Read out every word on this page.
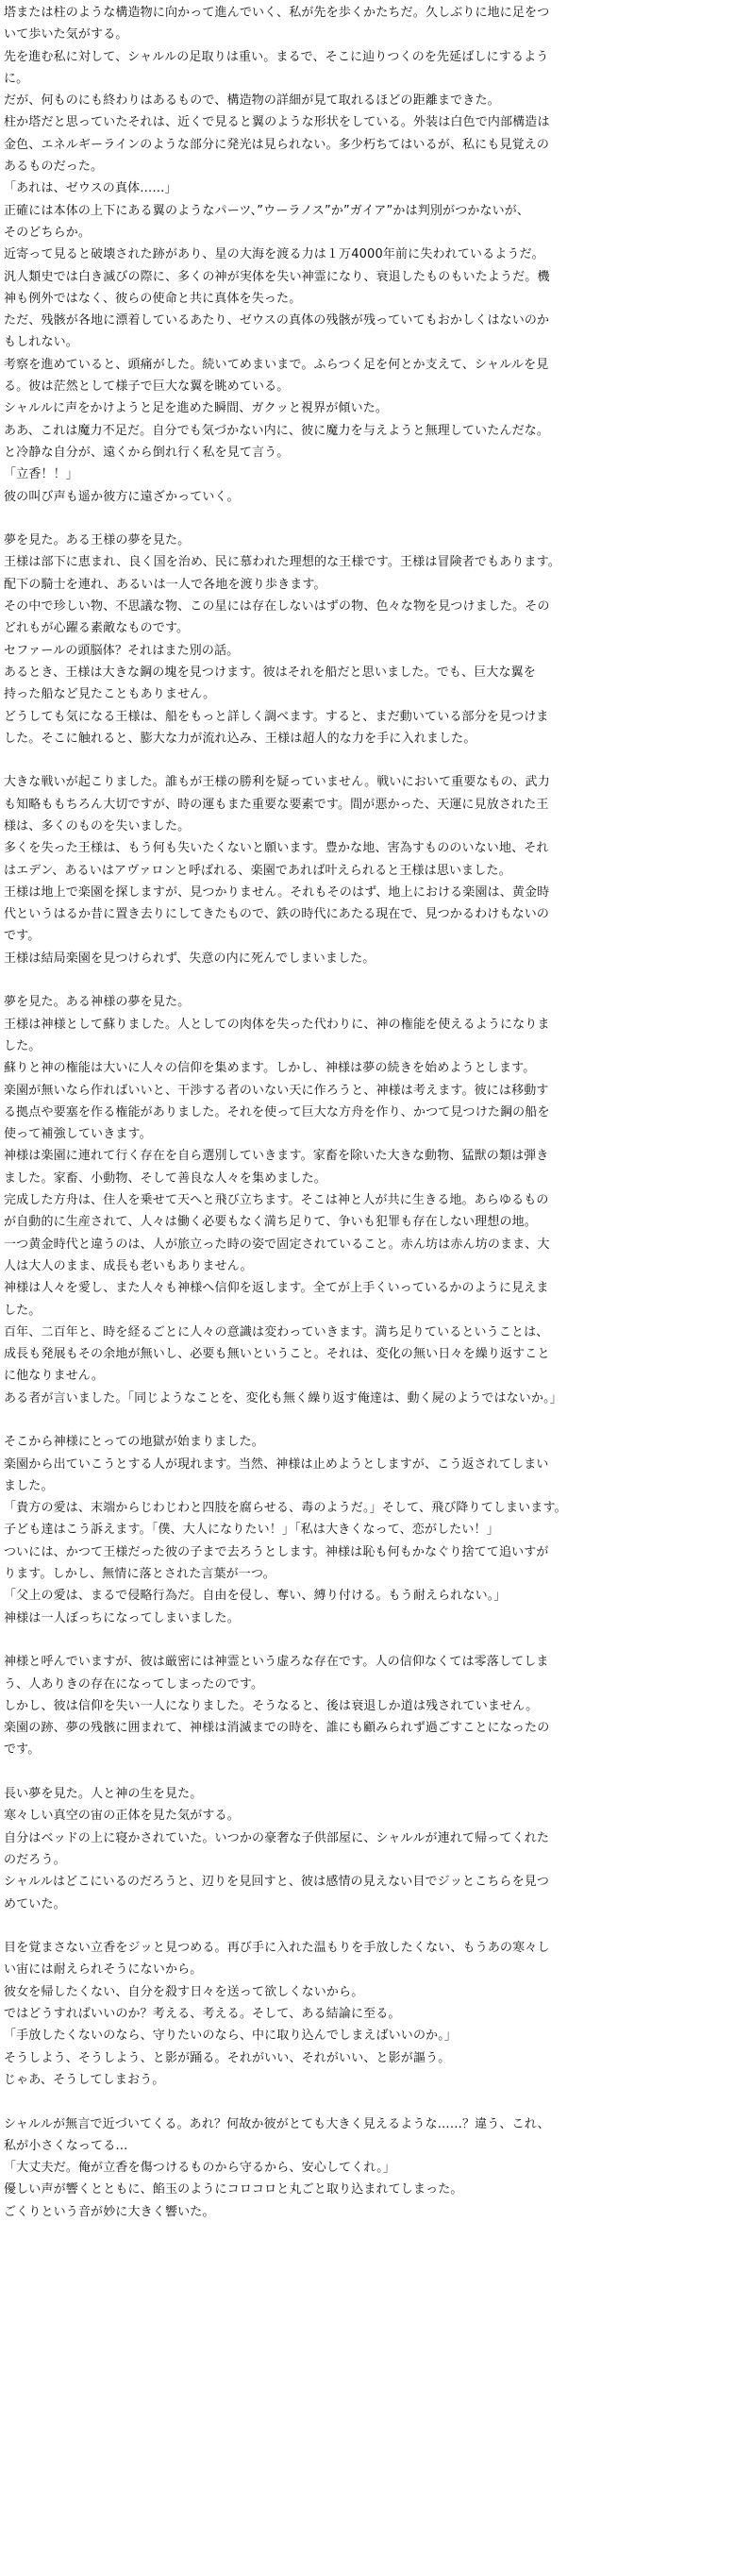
塔または柱のような構造物に向かって進んでいく、私が先を歩くかたちだ。久しぶりに地に足をつ
いて歩いた気がする。
先を進む私に対して、シャルルの足取りは重い。まるで、そこに辿りつくのを先延ばしにするよう
に。
だが、何ものにも終わりはあるもので、構造物の詳細が見て取れるほどの距離まできた。
柱か塔だと思っていたそれは、近くで見ると翼のような形状をしている。外装は白色で内部構造は
金色、エネルギーラインのような部分に発光は見られない。多少朽ちてはいるが、私にも見覚えの
あるものだった。
「あれは、ゼウスの真体……」
正確には本体の上下にある翼のようなパーツ、”ウーラノス”か”ガイア”かは判別がつかないが、
そのどちらか。
近寄って見ると破壊された跡があり、星の大海を渡る力は１万4000年前に失われているようだ。
汎人類史では白き滅びの際に、多くの神が実体を失い神霊になり、衰退したものもいたようだ。機
神も例外ではなく、彼らの使命と共に真体を失った。
ただ、残骸が各地に漂着しているあたり、ゼウスの真体の残骸が残っていてもおかしくはないのか
もしれない。
考察を進めていると、頭痛がした。続いてめまいまで。ふらつく足を何とか支えて、シャルルを見
る。彼は茫然として様子で巨大な翼を眺めている。
シャルルに声をかけようと足を進めた瞬間、ガクッと視界が傾いた。
ああ、これは魔力不足だ。自分でも気づかない内に、彼に魔力を与えようと無理していたんだな。
と冷静な自分が、遠くから倒れ行く私を見て言う。
「立香！！」
彼の叫び声も遥か彼方に遠ざかっていく。
夢を見た。ある王様の夢を見た。
王様は部下に恵まれ、良く国を治め、民に慕われた理想的な王様です。王様は冒険者でもあります。
配下の騎士を連れ、あるいは一人で各地を渡り歩きます。
その中で珍しい物、不思議な物、この星には存在しないはずの物、色々な物を見つけました。その
どれもが心躍る素敵なものです。
セファールの頭脳体？それはまた別の話。
あるとき、王様は大きな鋼の塊を見つけます。彼はそれを船だと思いました。でも、巨大な翼を
持った船など見たこともありません。
どうしても気になる王様は、船をもっと詳しく調べます。すると、まだ動いている部分を見つけま
した。そこに触れると、膨大な力が流れ込み、王様は超人的な力を手に入れました。
大きな戦いが起こりました。誰もが王様の勝利を疑っていません。戦いにおいて重要なもの、武力
も知略ももちろん大切ですが、時の運もまた重要な要素です。間が悪かった、天運に見放された王
様は、多くのものを失いました。
多くを失った王様は、もう何も失いたくないと願います。豊かな地、害為すもののいない地、それ
はエデン、あるいはアヴァロンと呼ばれる、楽園であれば叶えられると王様は思いました。
王様は地上で楽園を探しますが、見つかりません。それもそのはず、地上における楽園は、黄金時
代というはるか昔に置き去りにしてきたもので、鉄の時代にあたる現在で、見つかるわけもないの
です。
王様は結局楽園を見つけられず、失意の内に死んでしまいました。
夢を見た。ある神様の夢を見た。
王様は神様として蘇りました。人としての肉体を失った代わりに、神の権能を使えるようになりま
した。
蘇りと神の権能は大いに人々の信仰を集めます。しかし、神様は夢の続きを始めようとします。
楽園が無いなら作ればいいと、干渉する者のいない天に作ろうと、神様は考えます。彼には移動す
る拠点や要塞を作る権能がありました。それを使って巨大な方舟を作り、かつて見つけた鋼の船を
使って補強していきます。
神様は楽園に連れて行く存在を自ら選別していきます。家畜を除いた大きな動物、猛獣の類は弾き
ました。家畜、小動物、そして善良な人々を集めました。
完成した方舟は、住人を乗せて天へと飛び立ちます。そこは神と人が共に生きる地。あらゆるもの
が自動的に生産されて、人々は働く必要もなく満ち足りて、争いも犯罪も存在しない理想の地。
一つ黄金時代と違うのは、人が旅立った時の姿で固定されていること。赤ん坊は赤ん坊のまま、大
人は大人のまま、成長も老いもありません。
神様は人々を愛し、また人々も神様へ信仰を返します。全てが上手くいっているかのように見えま
した。
百年、二百年と、時を経るごとに人々の意識は変わっていきます。満ち足りているということは、
成長も発展もその余地が無いし、必要も無いということ。それは、変化の無い日々を繰り返すこと
に他なりません。
ある者が言いました。「同じようなことを、変化も無く繰り返す俺達は、動く屍のようではないか。」
そこから神様にとっての地獄が始まりました。
楽園から出ていこうとする人が現れます。当然、神様は止めようとしますが、こう返されてしまい
ました。
「貴方の愛は、末端からじわじわと四肢を腐らせる、毒のようだ。」そして、飛び降りてしまいます。
子ども達はこう訴えます。「僕、大人になりたい！」「私は大きくなって、恋がしたい！」
ついには、かつて王様だった彼の子まで去ろうとします。神様は恥も何もかなぐり捨てて追いすが
ります。しかし、無情に落とされた言葉が一つ。
「父上の愛は、まるで侵略行為だ。自由を侵し、奪い、縛り付ける。もう耐えられない。」
神様は一人ぼっちになってしまいました。
神様と呼んでいますが、彼は厳密には神霊という虚ろな存在です。人の信仰なくては零落してしま
う、人ありきの存在になってしまったのです。
しかし、彼は信仰を失い一人になりました。そうなると、後は衰退しか道は残されていません。
楽園の跡、夢の残骸に囲まれて、神様は消滅までの時を、誰にも顧みられず過ごすことになったの
です。
長い夢を見た。人と神の生を見た。
寒々しい真空の宙の正体を見た気がする。
自分はベッドの上に寝かされていた。いつかの豪奢な子供部屋に、シャルルが連れて帰ってくれた
のだろう。
シャルルはどこにいるのだろうと、辺りを見回すと、彼は感情の見えない目でジッとこちらを見つ
めていた。
目を覚まさない立香をジッと見つめる。再び手に入れた温もりを手放したくない、もうあの寒々し
い宙には耐えられそうにないから。
彼女を帰したくない、自分を殺す日々を送って欲しくないから。
ではどうすればいいのか？考える、考える。そして、ある結論に至る。
「手放したくないのなら、守りたいのなら、中に取り込んでしまえばいいのか。」
そうしよう、そうしよう、と影が踊る。それがいい、それがいい、と影が謳う。
じゃあ、そうしてしまおう。
シャルルが無言で近づいてくる。あれ？何故か彼がとても大きく見えるような……？違う、これ、
私が小さくなってる…
「大丈夫だ。俺が立香を傷つけるものから守るから、安心してくれ。」
優しい声が響くとともに、餡玉のようにコロコロと丸ごと取り込まれてしまった。
ごくりという音が妙に大きく響いた。
